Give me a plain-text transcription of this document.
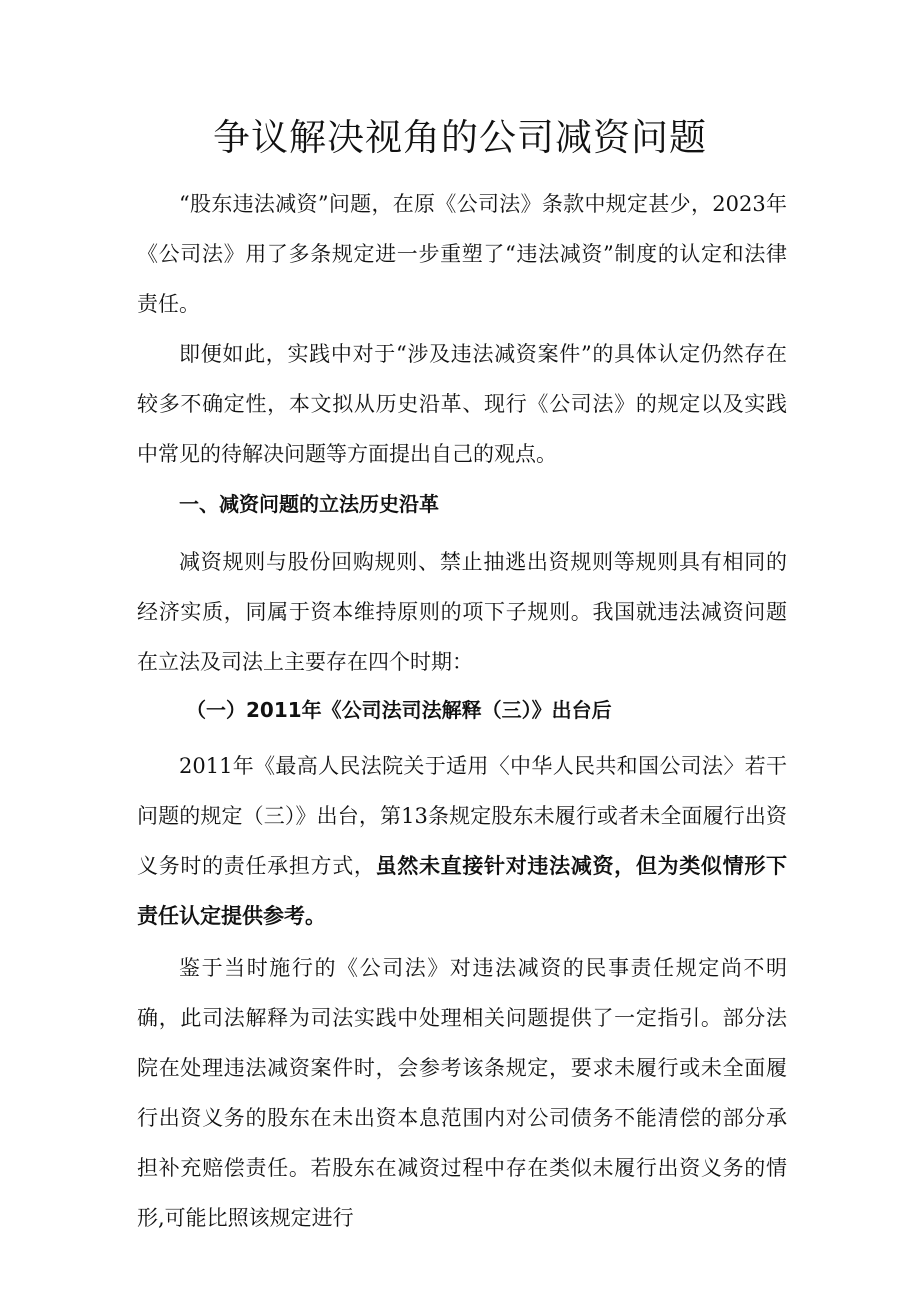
争议解决视角的公司减资问题

“股东违法减资”问题，在原《公司法》条款中规定甚少，2023年《公司法》用了多条规定进一步重塑了“违法减资”制度的认定和法律责任。

即便如此，实践中对于“涉及违法减资案件”的具体认定仍然存在较多不确定性，本文拟从历史沿革、现行《公司法》的规定以及实践中常见的待解决问题等方面提出自己的观点。

一、减资问题的立法历史沿革

减资规则与股份回购规则、禁止抽逃出资规则等规则具有相同的经济实质，同属于资本维持原则的项下子规则。我国就违法减资问题在立法及司法上主要存在四个时期：

（一）2011年《公司法司法解释（三）》出台后

2011年《最高人民法院关于适用〈中华人民共和国公司法〉若干问题的规定（三）》出台，第13条规定股东未履行或者未全面履行出资义务时的责任承担方式，虽然未直接针对违法减资，但为类似情形下责任认定提供参考。

鉴于当时施行的《公司法》对违法减资的民事责任规定尚不明确，此司法解释为司法实践中处理相关问题提供了一定指引。部分法院在处理违法减资案件时，会参考该条规定，要求未履行或未全面履行出资义务的股东在未出资本息范围内对公司债务不能清偿的部分承担补充赔偿责任。若股东在减资过程中存在类似未履行出资义务的情形,可能比照该规定进行
